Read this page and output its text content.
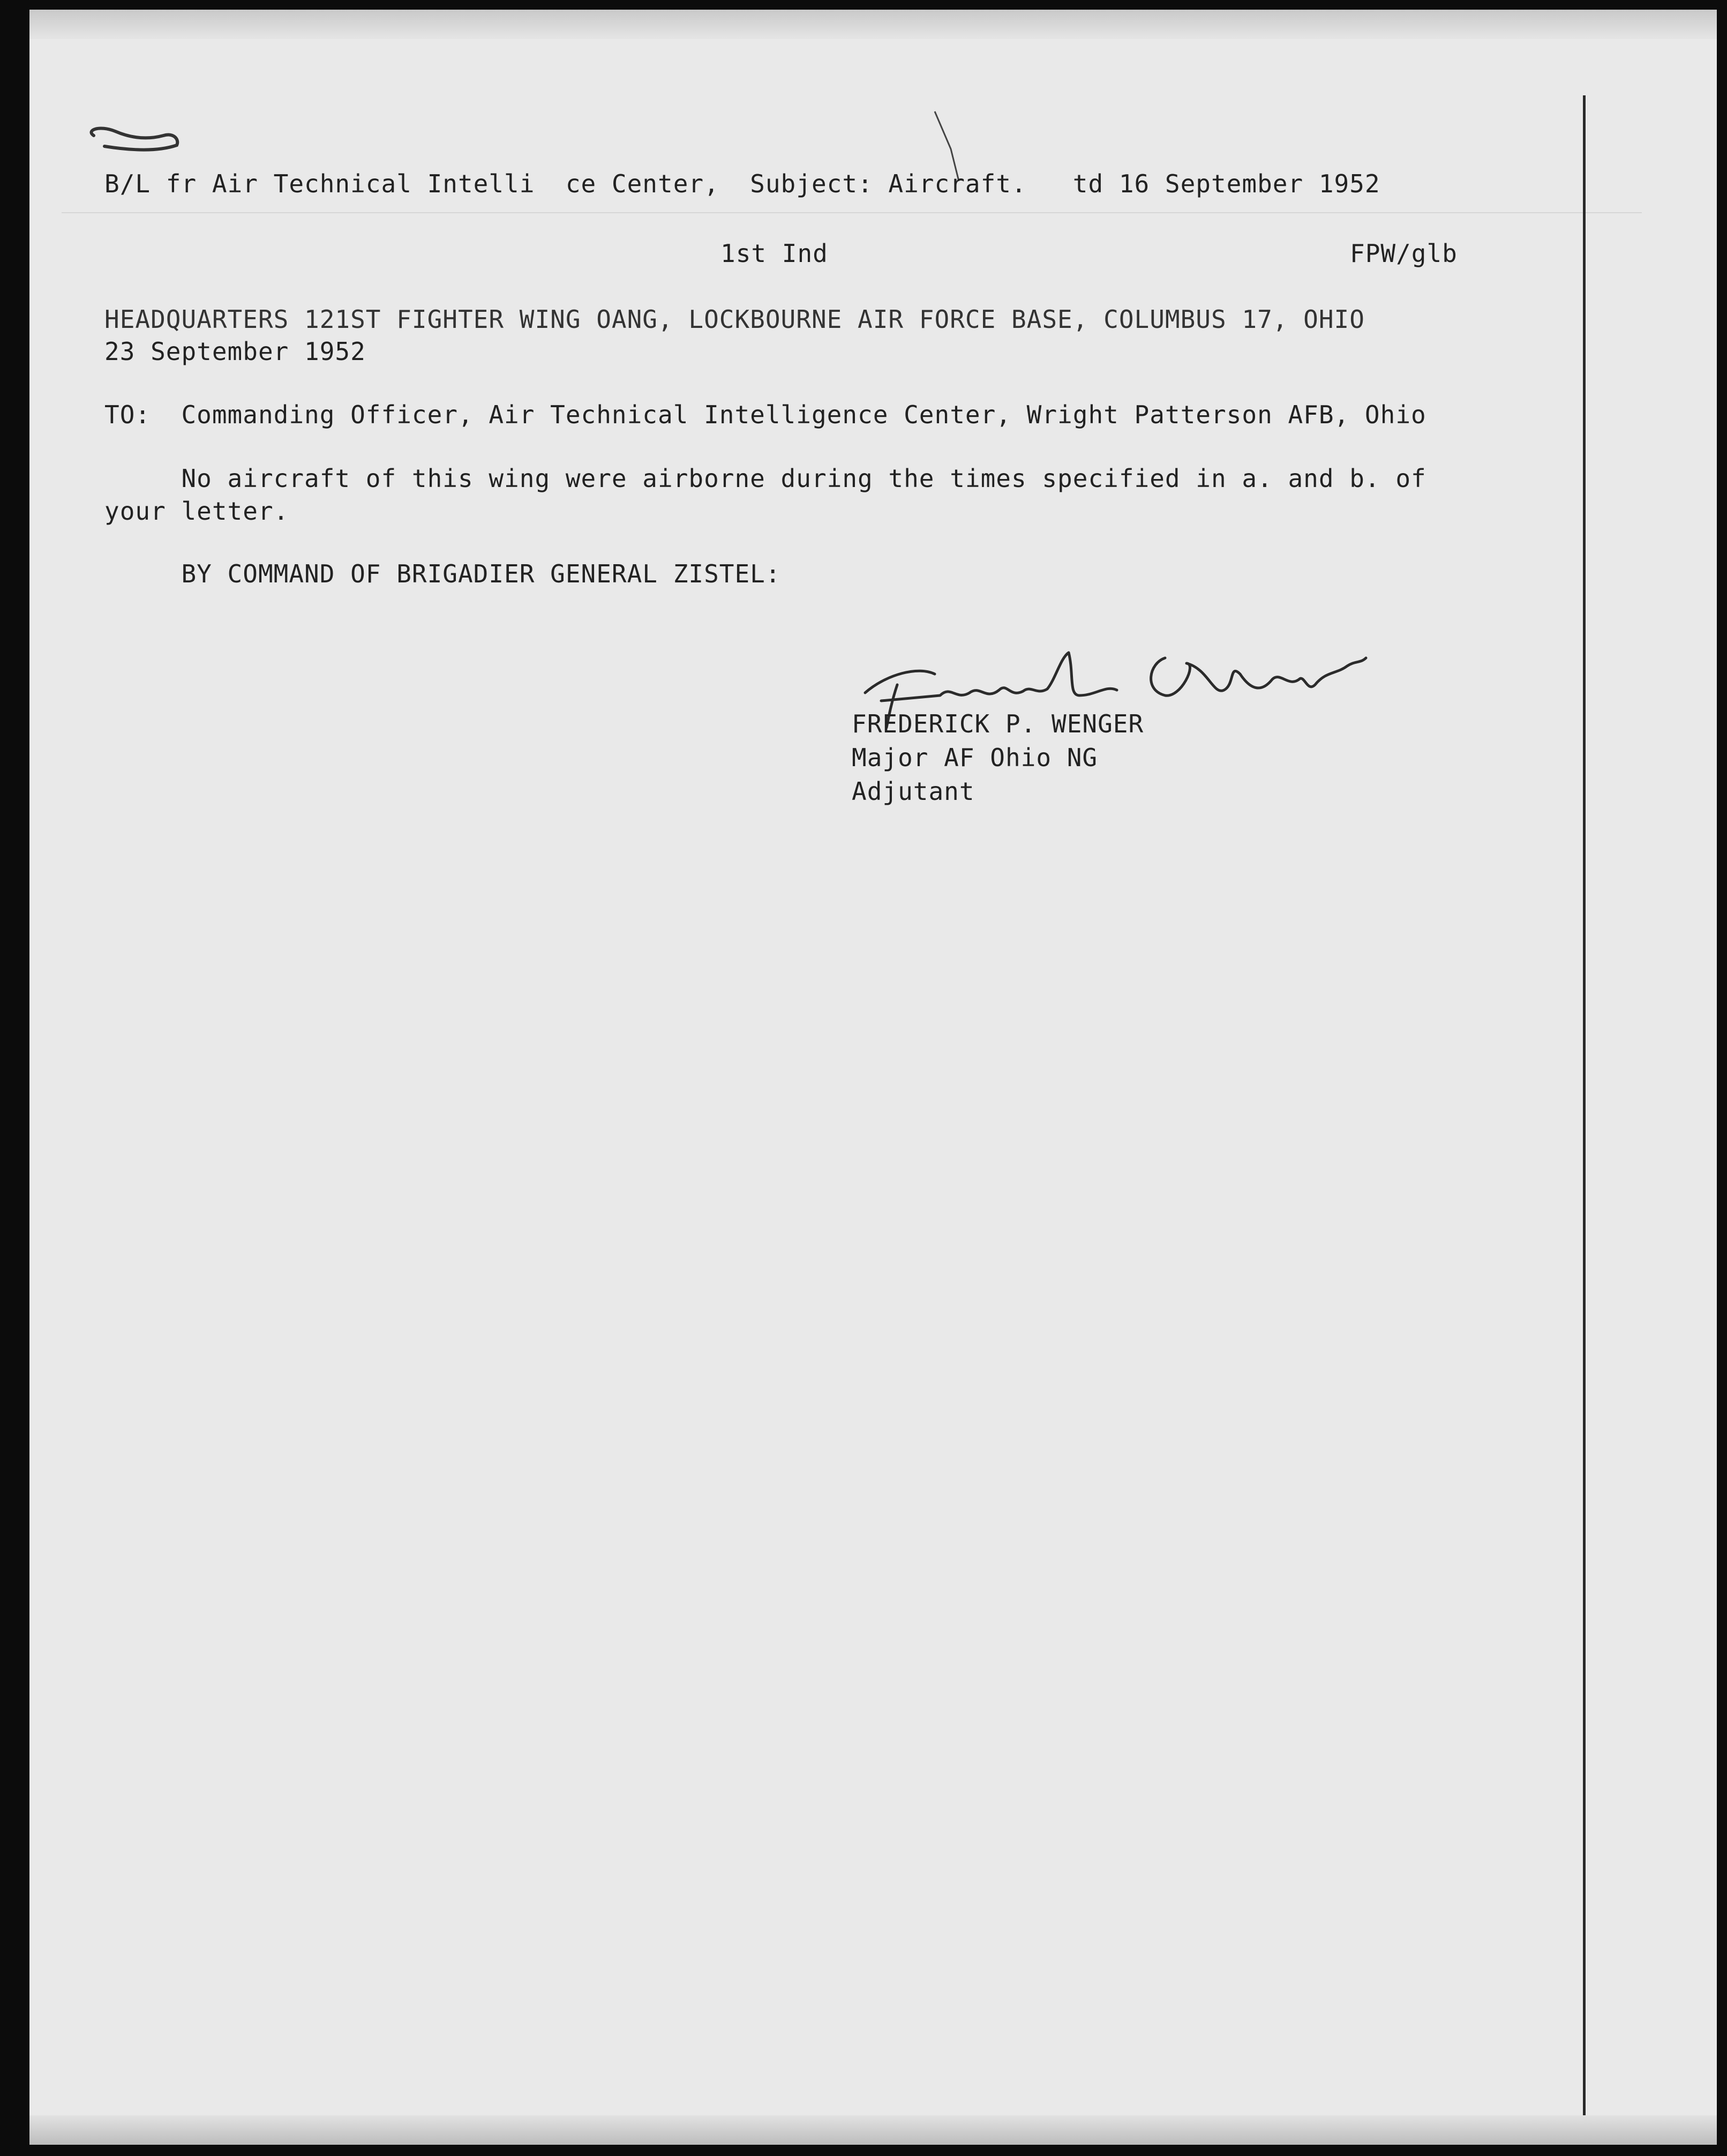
B/L fr Air Technical Intelli  ce Center,  Subject: Aircraft.   td 16 September 1952
1st Ind	FPW/glb
HEADQUARTERS 121ST FIGHTER WING OANG, LOCKBOURNE AIR FORCE BASE, COLUMBUS 17, OHIO
23 September 1952
TO:  Commanding Officer, Air Technical Intelligence Center, Wright Patterson AFB, Ohio
No aircraft of this wing were airborne during the times specified in a. and b. of
your letter.
BY COMMAND OF BRIGADIER GENERAL ZISTEL:
FREDERICK P. WENGER
Major AF Ohio NG
Adjutant
